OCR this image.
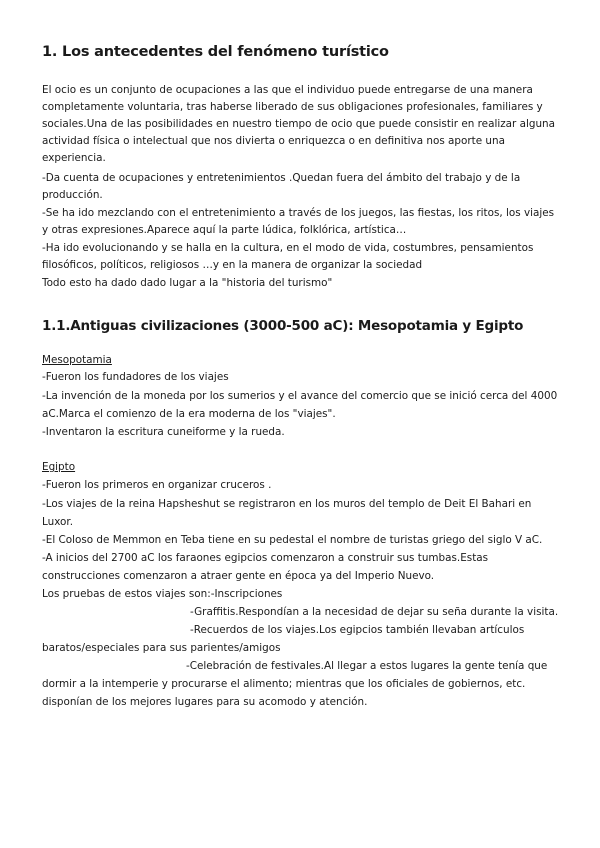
1. Los antecedentes del fenómeno turístico
El ocio es un conjunto de ocupaciones a las que el individuo puede entregarse de una manera
completamente voluntaria, tras haberse liberado de sus obligaciones profesionales, familiares y
sociales.Una de las posibilidades en nuestro tiempo de ocio que puede consistir en realizar alguna
actividad física o intelectual que nos divierta o enriquezca o en definitiva nos aporte una
experiencia.
-Da cuenta de ocupaciones y entretenimientos .Quedan fuera del ámbito del trabajo y de la
producción.
-Se ha ido mezclando con el entretenimiento a través de los juegos, las fiestas, los ritos, los viajes
y otras expresiones.Aparece aquí la parte lúdica, folklórica, artística…
-Ha ido evolucionando y se halla en la cultura, en el modo de vida, costumbres, pensamientos
filosóficos, políticos, religiosos …y en la manera de organizar la sociedad
Todo esto ha dado dado lugar a la "historia del turismo"
1.1.Antiguas civilizaciones (3000-500 aC): Mesopotamia y Egipto
Mesopotamia
-Fueron los fundadores de los viajes
-La invención de la moneda por los sumerios y el avance del comercio que se inició cerca del 4000
aC.Marca el comienzo de la era moderna de los "viajes".
-Inventaron la escritura cuneiforme y la rueda.
Egipto
-Fueron los primeros en organizar cruceros .
-Los viajes de la reina Hapsheshut se registraron en los muros del templo de Deit El Bahari en
Luxor.
-El Coloso de Memmon en Teba tiene en su pedestal el nombre de turistas griego del siglo V aC.
-A inicios del 2700 aC los faraones egipcios comenzaron a construir sus tumbas.Estas
construcciones comenzaron a atraer gente en época ya del Imperio Nuevo.
Los pruebas de estos viajes son:-Inscripciones
-Graffitis.Respondían a la necesidad de dejar su seña durante la visita.
-Recuerdos de los viajes.Los egipcios también llevaban artículos
baratos/especiales para sus parientes/amigos
-Celebración de festivales.Al llegar a estos lugares la gente tenía que
dormir a la intemperie y procurarse el alimento; mientras que los oficiales de gobiernos, etc.
disponían de los mejores lugares para su acomodo y atención.
